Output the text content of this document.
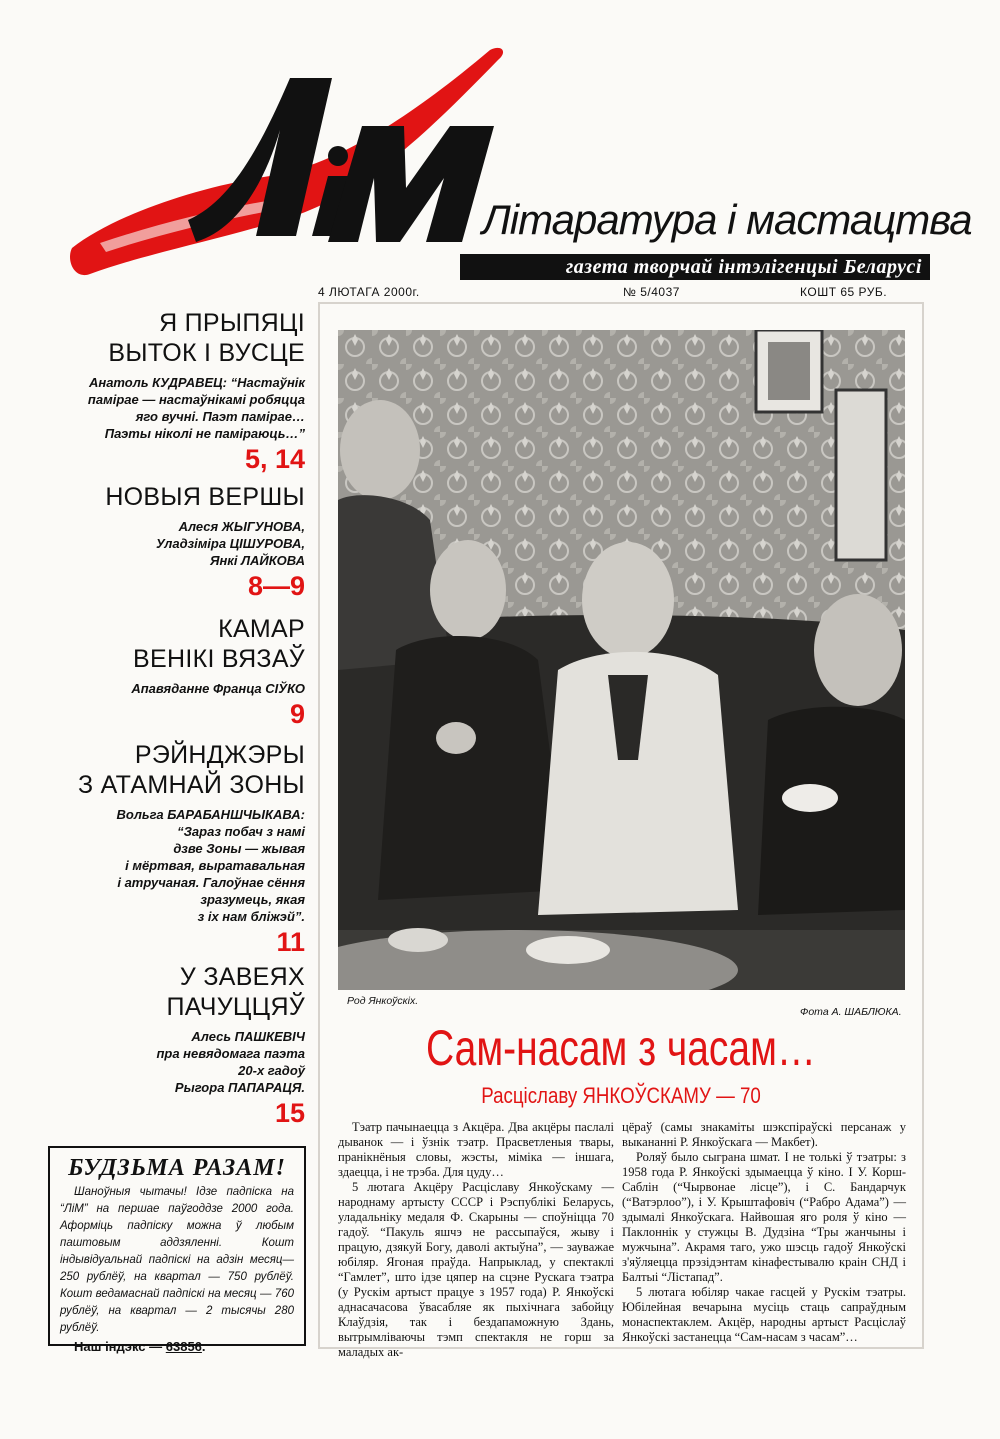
Літаратура і мастацтва
газета творчай інтэлігенцыі Беларусі
4 ЛЮТАГА 2000г.	№ 5/4037	КОШТ 65 РУБ.
Я ПРЫПЯЦІ
ВЫТОК І ВУСЦЕ
Анатоль КУДРАВЕЦ: “Настаўнік
памірае — настаўнікамі робяцца
яго вучні. Паэт памірае…
Паэты ніколі не паміраюць…”
5, 14
НОВЫЯ ВЕРШЫ
Алеся ЖЫГУНОВА,
Уладзіміра ЦІШУРОВА,
Янкі ЛАЙКОВА
8—9
КАМАР
ВЕНІКІ ВЯЗАЎ
Апавяданне Франца СІЎКО
9
РЭЙНДЖЭРЫ
З АТАМНАЙ ЗОНЫ
Вольга БАРАБАНШЧЫКАВА:
“Зараз побач з намі
дзве Зоны — жывая
і мёртвая, выратавальная
і атручаная. Галоўнае сёння
зразумець, якая
з іх нам бліжэй”.
11
У ЗАВЕЯХ
ПАЧУЦЦЯЎ
Алесь ПАШКЕВІЧ
пра невядомага паэта
20-х гадоў
Рыгора ПАПАРАЦЯ.
15
БУДЗЬМА РАЗАМ!
Шаноўныя чытачы! Ідзе падпіска на “ЛіМ” на першае паўгоддзе 2000 года. Аформіць падпіску можна ў любым паштовым аддзяленні. Кошт індывідуальнай падпіскі на адзін месяц—250 рублёў, на квартал — 750 рублёў. Кошт ведамаснай падпіскі на месяц — 760 рублёў, на квартал — 2 тысячы 280 рублёў.
Наш індэкс — 63856.
Род Янкоўскіх.
Фота А. ШАБЛЮКА.
Сам-насам з часам…
Расціславу ЯНКОЎСКАМУ — 70

Тэатр пачынаецца з Акцёра. Два акцёры паслалі дыванок — і ўзнік тэатр. Прасветленыя твары, пранікнёныя словы, жэсты, міміка — іншага, здаецца, і не трэба. Для цуду…

5 лютага Акцёру Расціславу Янкоўскаму — народнаму артысту СССР і Рэспублікі Беларусь, уладальніку медаля Ф. Скарыны — споўніцца 70 гадоў. “Пакуль яшчэ не рассыпаўся, жыву і працую, дзякуй Богу, даволі актыўна”, — зауважае юбіляр. Ягоная праўда. Напрыклад, у спектаклі “Гамлет”, што ідзе цяпер на сцэне Рускага тэатра (у Рускім артыст працуе з 1957 года) Р. Янкоўскі аднасачасова ўвасабляе як пыхічнага забойцу Клаўдзія, так і бездапаможную Здань, вытрымліваючы тэмп спектакля не горш за маладых ак-

цёраў (самы знакаміты шэкспіраўскі персанаж у выкананні Р. Янкоўскага — Макбет).

Роляў было сыграна шмат. І не толькі ў тэатры: з 1958 года Р. Янкоўскі здымаецца ў кіно. І У. Корш-Саблін (“Чырвонае лісце”), і С. Бандарчук (“Ватэрлоо”), і У. Крыштафовіч (“Рабро Адама”) — здымалі Янкоўскага. Найвошая яго роля ў кіно — Паклоннік у стужцы В. Дудзіна “Тры жанчыны і мужчына”. Акрамя таго, ужо шэсць гадоў Янкоўскі з'яўляецца прэзідэнтам кінафестывалю краін СНД і Балтыі “Лістапад”.

5 лютага юбіляр чакае гасцей у Рускім тэатры. Юбілейная вечарына мусіць стаць сапраўдным монаспектаклем. Акцёр, народны артыст Расціслаў Янкоўскі застанецца “Сам-насам з часам”…
